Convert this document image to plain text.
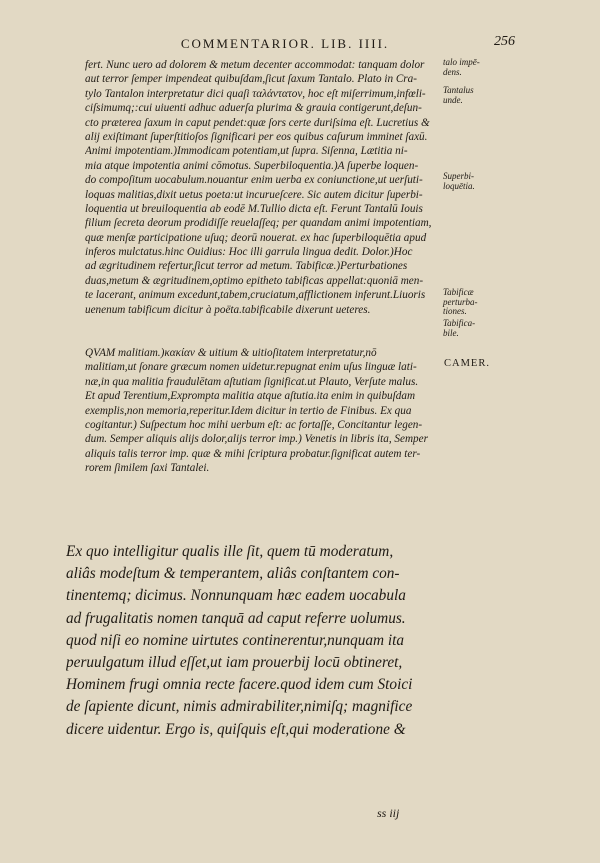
COMMENTARIOR. LIB. IIII.	256
fert. Nunc uero ad dolorem & metum decenter accommodat: tanquam dolor
aut terror ſemper impendeat quibuſdam,ſicut ſaxum Tantalo. Plato in Cra-
tylo Tantalon interpretatur dici quaſi ταλάντατον, hoc eſt miſerrimum,infœli-
ciſsimumq;:cui uiuenti adhuc aduerſa plurima & grauia contigerunt,deſun-
cto præterea ſaxum in caput pendet:quæ ſors certe duriſsima eſt. Lucretius &
alij exiſtimant ſuperſtitioſos ſignificari per eos quibus caſurum imminet ſaxū.
Animi impotentiam.)Immodicam potentiam,ut ſupra. Siſenna, Lætitia ni-
mia atque impotentia animi cōmotus. Superbiloquentia.)A ſuperbe loquen-
do compoſitum uocabulum.nouantur enim uerba ex coniunctione,ut uerſuti-
loquas malitias,dixit uetus poeta:ut incurueſcere. Sic autem dicitur ſuperbi-
loquentia ut breuiloquentia ab eodē M.Tullio dicta eſt. Ferunt Tantalū Iouis
filium ſecreta deorum prodidiſſe reuelaſſeq; per quandam animi impotentiam,
quæ menſæ participatione uſuq; deorū nouerat. ex hac ſuperbiloquētia apud
inferos mulctatus.hinc Ouidius: Hoc illi garrula lingua dedit. Dolor.)Hoc
ad ægritudinem refertur,ſicut terror ad metum. Tabificæ.)Perturbationes
duas,metum & ægritudinem,optimo epitheto tabificas appellat:quoniā men-
te lacerant, animum excedunt,tabem,cruciatum,afflictionem inferunt.Liuoris
uenenum tabificum dicitur à poëta.tabificabile dixerunt ueteres.
QVAM malitiam.)κακίαν & uitium & uitioſitatem interpretatur,nō
malitiam,ut ſonare græcum nomen uidetur.repugnat enim uſus linguæ lati-
næ,in qua malitia fraudulētam aſtutiam ſignificat.ut Plauto, Verſute malus.
Et apud Terentium,Exprompta malitia atque aſtutia.ita enim in quibuſdam
exemplis,non memoria,reperitur.Idem dicitur in tertio de Finibus. Ex qua
cogitantur.) Suſpectum hoc mihi uerbum eſt: ac fortaſſe, Concitantur legen-
dum. Semper aliquis alijs dolor,alijs terror imp.) Venetis in libris ita, Semper
aliquis talis terror imp. quæ & mihi ſcriptura probatur.ſignificat autem ter-
rorem ſimilem ſaxi Tantalei.
talo impē-
dens.
Tantalus
unde.
Superbi-
loquētia.
Tabificæ
perturba-
tiones.
Tabifica-
bile.
CAMER.
Ex quo intelligitur qualis ille ſit, quem tū moderatum,
aliâs modeſtum & temperantem, aliâs conſtantem con-
tinentemq; dicimus. Nonnunquam hæc eadem uocabula
ad frugalitatis nomen tanquā ad caput referre uolumus.
quod niſi eo nomine uirtutes continerentur,nunquam ita
peruulgatum illud eſſet,ut iam prouerbij locū obtineret,
Hominem frugi omnia recte facere.quod idem cum Stoici
de ſapiente dicunt, nimis admirabiliter,nimiſq; magnifice
dicere uidentur. Ergo is, quiſquis eſt,qui moderatione &
ss iij
